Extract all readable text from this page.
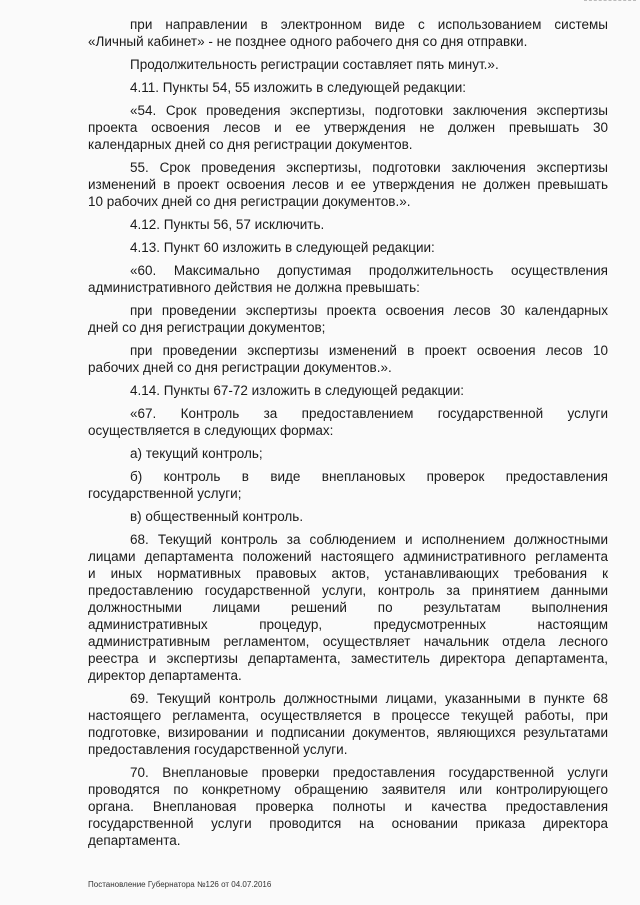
при направлении в электронном виде с использованием системы
«Личный кабинет» - не позднее одного рабочего дня со дня отправки.
Продолжительность регистрации составляет пять минут.».
4.11. Пункты 54, 55 изложить в следующей редакции:
«54. Срок проведения экспертизы, подготовки заключения экспертизы
проекта освоения лесов и ее утверждения не должен превышать 30
календарных дней со дня регистрации документов.
55. Срок проведения экспертизы, подготовки заключения экспертизы
изменений в проект освоения лесов и ее утверждения не должен превышать
10 рабочих дней со дня регистрации документов.».
4.12. Пункты 56, 57 исключить.
4.13. Пункт 60 изложить в следующей редакции:
«60. Максимально допустимая продолжительность осуществления
административного действия не должна превышать:
при проведении экспертизы проекта освоения лесов 30 календарных
дней со дня регистрации документов;
при проведении экспертизы изменений в проект освоения лесов 10
рабочих дней со дня регистрации документов.».
4.14. Пункты 67-72 изложить в следующей редакции:
«67. Контроль за предоставлением государственной услуги
осуществляется в следующих формах:
а) текущий контроль;
б) контроль в виде внеплановых проверок предоставления
государственной услуги;
в) общественный контроль.
68. Текущий контроль за соблюдением и исполнением должностными
лицами департамента положений настоящего административного регламента
и иных нормативных правовых актов, устанавливающих требования к
предоставлению государственной услуги, контроль за принятием данными
должностными лицами решений по результатам выполнения
административных процедур, предусмотренных настоящим
административным регламентом, осуществляет начальник отдела лесного
реестра и экспертизы департамента, заместитель директора департамента,
директор департамента.
69. Текущий контроль должностными лицами, указанными в пункте 68
настоящего регламента, осуществляется в процессе текущей работы, при
подготовке, визировании и подписании документов, являющихся результатами
предоставления государственной услуги.
70. Внеплановые проверки предоставления государственной услуги
проводятся по конкретному обращению заявителя или контролирующего
органа. Внеплановая проверка полноты и качества предоставления
государственной услуги проводится на основании приказа директора
департамента.
Постановление Губернатора №126 от 04.07.2016
